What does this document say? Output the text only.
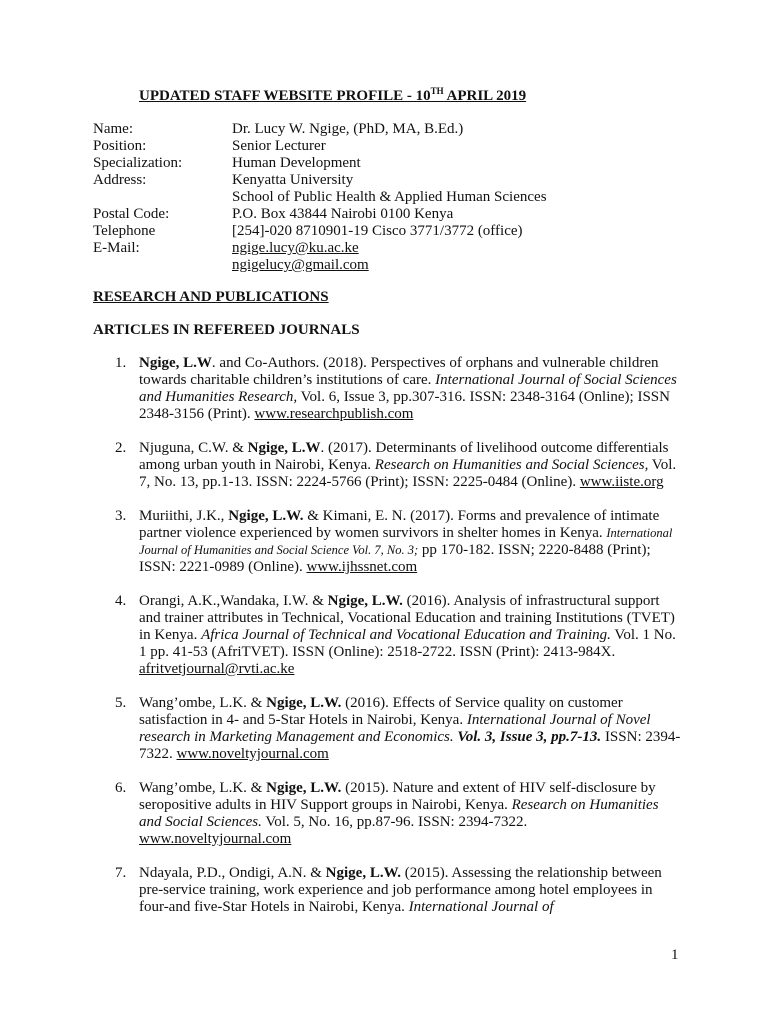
UPDATED STAFF WEBSITE PROFILE - 10TH APRIL 2019
Name:	Dr. Lucy W. Ngige, (PhD, MA, B.Ed.)
Position:	Senior Lecturer
Specialization:	Human Development
Address:	Kenyatta University
School of Public Health & Applied Human Sciences
Postal Code:	P.O. Box 43844 Nairobi 0100 Kenya
Telephone	[254]-020 8710901-19 Cisco 3771/3772 (office)
E-Mail:	ngige.lucy@ku.ac.ke
ngigelucy@gmail.com
RESEARCH AND PUBLICATIONS
ARTICLES IN REFEREED JOURNALS
1. Ngige, L.W. and Co-Authors. (2018). Perspectives of orphans and vulnerable children towards charitable children’s institutions of care. International Journal of Social Sciences and Humanities Research, Vol. 6, Issue 3, pp.307-316. ISSN: 2348-3164 (Online); ISSN 2348-3156 (Print). www.researchpublish.com
2. Njuguna, C.W. & Ngige, L.W. (2017). Determinants of livelihood outcome differentials among urban youth in Nairobi, Kenya. Research on Humanities and Social Sciences, Vol. 7, No. 13, pp.1-13. ISSN: 2224-5766 (Print); ISSN: 2225-0484 (Online). www.iiste.org
3. Muriithi, J.K., Ngige, L.W. & Kimani, E. N. (2017). Forms and prevalence of intimate partner violence experienced by women survivors in shelter homes in Kenya. International Journal of Humanities and Social Science Vol. 7, No. 3; pp 170-182. ISSN; 2220-8488 (Print); ISSN: 2221-0989 (Online). www.ijhssnet.com
4. Orangi, A.K.,Wandaka, I.W. & Ngige, L.W. (2016). Analysis of infrastructural support and trainer attributes in Technical, Vocational Education and training Institutions (TVET) in Kenya. Africa Journal of Technical and Vocational Education and Training. Vol. 1 No. 1 pp. 41-53 (AfriTVET). ISSN (Online): 2518-2722. ISSN (Print): 2413-984X. afritvetjournal@rvti.ac.ke
5. Wang’ombe, L.K. & Ngige, L.W. (2016). Effects of Service quality on customer satisfaction in 4- and 5-Star Hotels in Nairobi, Kenya. International Journal of Novel research in Marketing Management and Economics. Vol. 3, Issue 3, pp.7-13. ISSN: 2394-7322. www.noveltyjournal.com
6. Wang’ombe, L.K. & Ngige, L.W. (2015). Nature and extent of HIV self-disclosure by seropositive adults in HIV Support groups in Nairobi, Kenya. Research on Humanities and Social Sciences. Vol. 5, No. 16, pp.87-96. ISSN: 2394-7322. www.noveltyjournal.com
7. Ndayala, P.D., Ondigi, A.N. & Ngige, L.W. (2015). Assessing the relationship between pre-service training, work experience and job performance among hotel employees in four-and five-Star Hotels in Nairobi, Kenya. International Journal of
1
